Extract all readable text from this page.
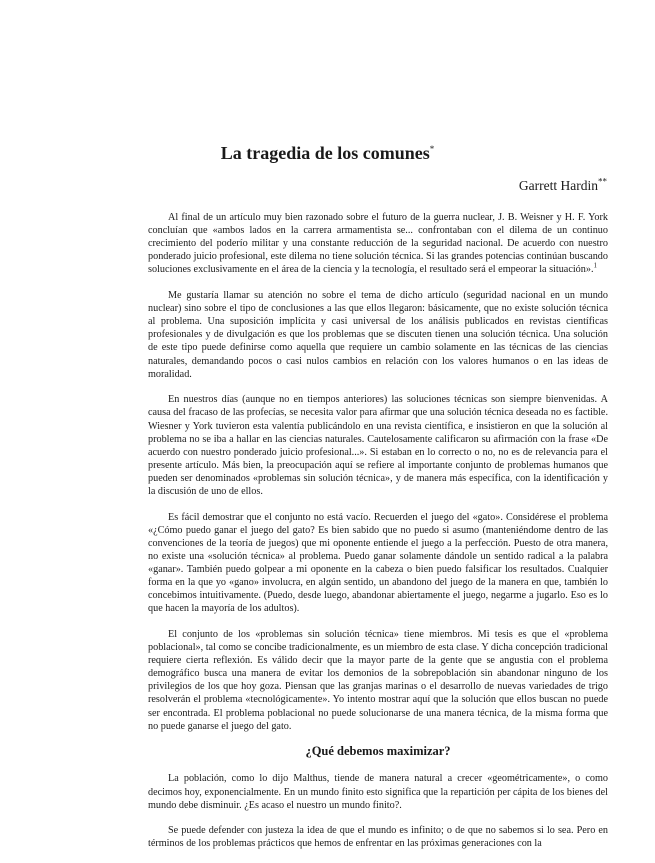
La tragedia de los comunes*
Garrett Hardin**

Al final de un artículo muy bien razonado sobre el futuro de la guerra nuclear, J. B. Weisner y H. F. York concluían que «ambos lados en la carrera armamentista se... confrontaban con el dilema de un continuo crecimiento del poderío militar y una constante reducción de la seguridad nacional. De acuerdo con nuestro ponderado juicio profesional, este dilema no tiene solución técnica. Si las grandes potencias continúan buscando soluciones exclusivamente en el área de la ciencia y la tecnología, el resultado será el empeorar la situación».$^1$

Me gustaría llamar su atención no sobre el tema de dicho artículo (seguridad nacional en un mundo nuclear) sino sobre el tipo de conclusiones a las que ellos llegaron: básicamente, que no existe solución técnica al problema. Una suposición implícita y casi universal de los análisis publicados en revistas científicas profesionales y de divulgación es que los problemas que se discuten tienen una solución técnica. Una solución de este tipo puede definirse como aquella que requiere un cambio solamente en las técnicas de las ciencias naturales, demandando pocos o casi nulos cambios en relación con los valores humanos o en las ideas de moralidad.

En nuestros días (aunque no en tiempos anteriores) las soluciones técnicas son siempre bienvenidas. A causa del fracaso de las profecías, se necesita valor para afirmar que una solución técnica deseada no es factible. Wiesner y York tuvieron esta valentía publicándolo en una revista científica, e insistieron en que la solución al problema no se iba a hallar en las ciencias naturales. Cautelosamente calificaron su afirmación con la frase «De acuerdo con nuestro ponderado juicio profesional...». Si estaban en lo correcto o no, no es de relevancia para el presente artículo. Más bien, la preocupación aquí se refiere al importante conjunto de problemas humanos que pueden ser denominados «problemas sin solución técnica», y de manera más específica, con la identificación y la discusión de uno de ellos.

Es fácil demostrar que el conjunto no está vacío. Recuerden el juego del «gato». Considérese el problema «¿Cómo puedo ganar el juego del gato? Es bien sabido que no puedo si asumo (manteniéndome dentro de las convenciones de la teoría de juegos) que mi oponente entiende el juego a la perfección. Puesto de otra manera, no existe una «solución técnica» al problema. Puedo ganar solamente dándole un sentido radical a la palabra «ganar». También puedo golpear a mi oponente en la cabeza o bien puedo falsificar los resultados. Cualquier forma en la que yo «gano» involucra, en algún sentido, un abandono del juego de la manera en que, también lo concebimos intuitivamente. (Puedo, desde luego, abandonar abiertamente el juego, negarme a jugarlo. Eso es lo que hacen la mayoría de los adultos).

El conjunto de los «problemas sin solución técnica» tiene miembros. Mi tesis es que el «problema poblacional», tal como se concibe tradicionalmente, es un miembro de esta clase. Y dicha concepción tradicional requiere cierta reflexión. Es válido decir que la mayor parte de la gente que se angustia con el problema demográfico busca una manera de evitar los demonios de la sobrepoblación sin abandonar ninguno de los privilegios de los que hoy goza. Piensan que las granjas marinas o el desarrollo de nuevas variedades de trigo resolverán el problema «tecnológicamente». Yo intento mostrar aquí que la solución que ellos buscan no puede ser encontrada. El problema poblacional no puede solucionarse de una manera técnica, de la misma forma que no puede ganarse el juego del gato.

¿Qué debemos maximizar?

La población, como lo dijo Malthus, tiende de manera natural a crecer «geométricamente», o como decimos hoy, exponencialmente. En un mundo finito esto significa que la repartición per cápita de los bienes del mundo debe disminuir. ¿Es acaso el nuestro un mundo finito?.

Se puede defender con justeza la idea de que el mundo es infinito; o de que no sabemos si lo sea. Pero en términos de los problemas prácticos que hemos de enfrentar en las próximas generaciones con la
